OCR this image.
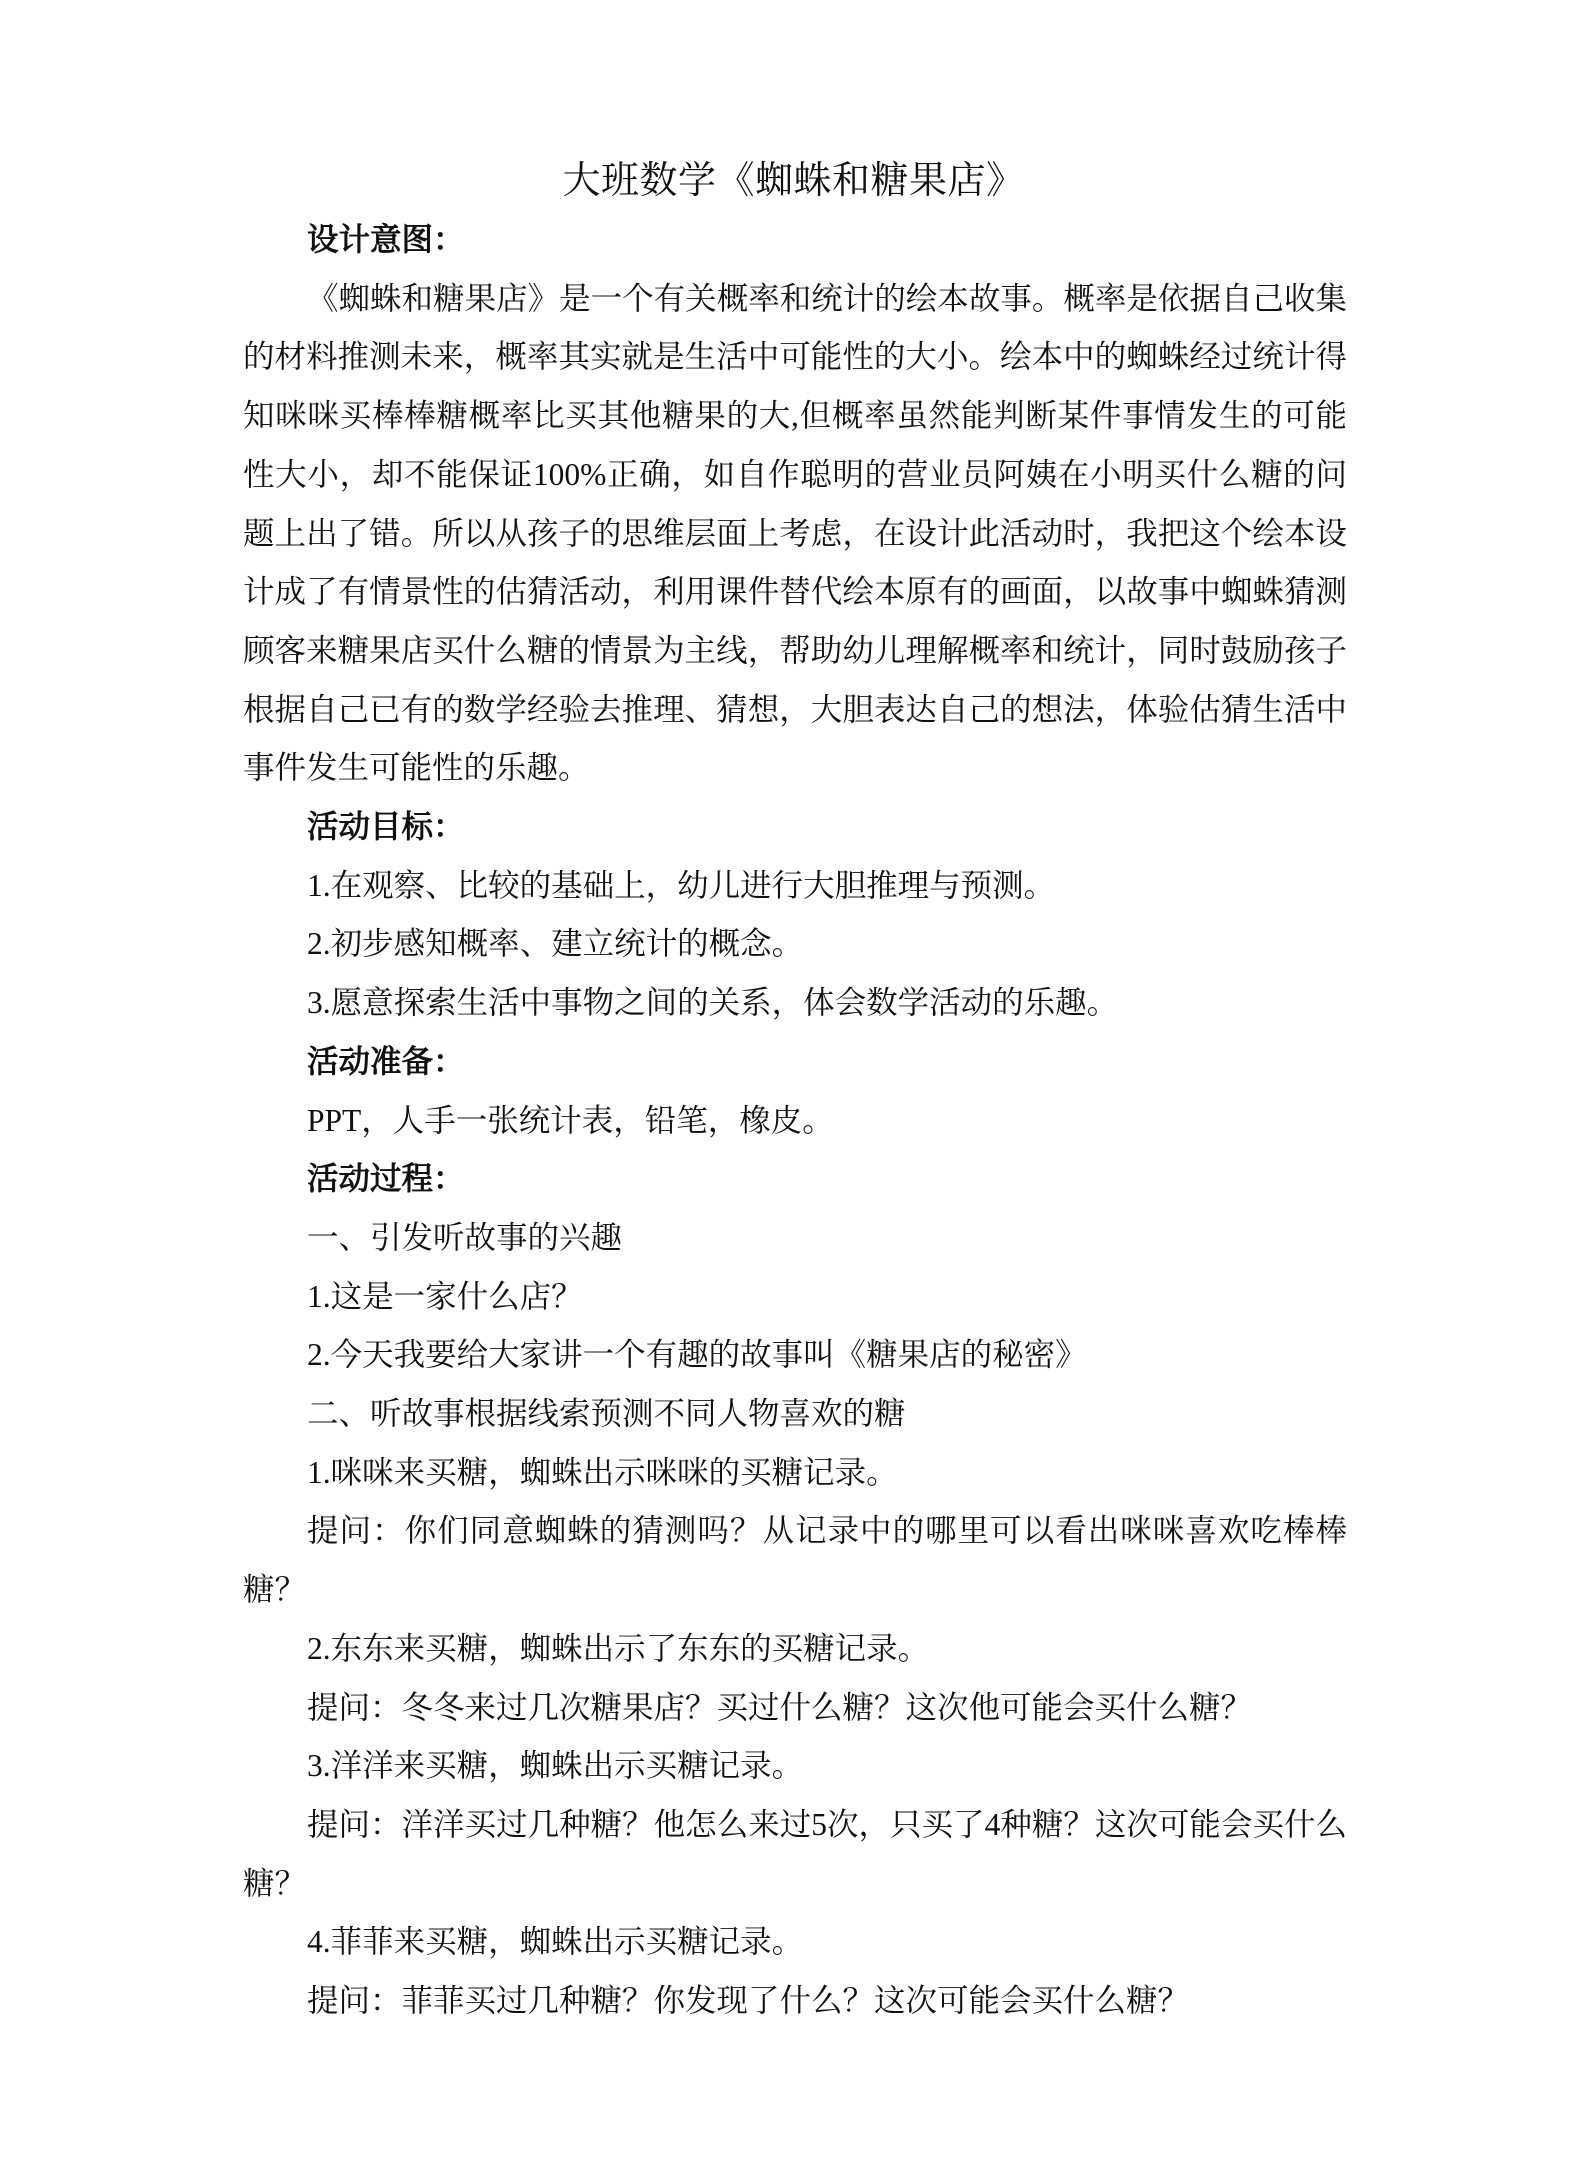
大班数学《蜘蛛和糖果店》

设计意图：

《蜘蛛和糖果店》是一个有关概率和统计的绘本故事。概率是依据自己收集的材料推测未来，概率其实就是生活中可能性的大小。绘本中的蜘蛛经过统计得知咪咪买棒棒糖概率比买其他糖果的大,但概率虽然能判断某件事情发生的可能性大小，却不能保证100%正确，如自作聪明的营业员阿姨在小明买什么糖的问题上出了错。所以从孩子的思维层面上考虑，在设计此活动时，我把这个绘本设计成了有情景性的估猜活动，利用课件替代绘本原有的画面，以故事中蜘蛛猜测顾客来糖果店买什么糖的情景为主线，帮助幼儿理解概率和统计，同时鼓励孩子根据自己已有的数学经验去推理、猜想，大胆表达自己的想法，体验估猜生活中事件发生可能性的乐趣。

活动目标：

1.在观察、比较的基础上，幼儿进行大胆推理与预测。

2.初步感知概率、建立统计的概念。

3.愿意探索生活中事物之间的关系，体会数学活动的乐趣。

活动准备：

PPT，人手一张统计表，铅笔，橡皮。

活动过程：

一、引发听故事的兴趣

1.这是一家什么店？

2.今天我要给大家讲一个有趣的故事叫《糖果店的秘密》

二、听故事根据线索预测不同人物喜欢的糖

1.咪咪来买糖，蜘蛛出示咪咪的买糖记录。

提问：你们同意蜘蛛的猜测吗？从记录中的哪里可以看出咪咪喜欢吃棒棒糖？

2.东东来买糖，蜘蛛出示了东东的买糖记录。

提问：冬冬来过几次糖果店？买过什么糖？这次他可能会买什么糖？

3.洋洋来买糖，蜘蛛出示买糖记录。

提问：洋洋买过几种糖？他怎么来过5次，只买了4种糖？这次可能会买什么糖？

4.菲菲来买糖，蜘蛛出示买糖记录。

提问：菲菲买过几种糖？你发现了什么？这次可能会买什么糖？
